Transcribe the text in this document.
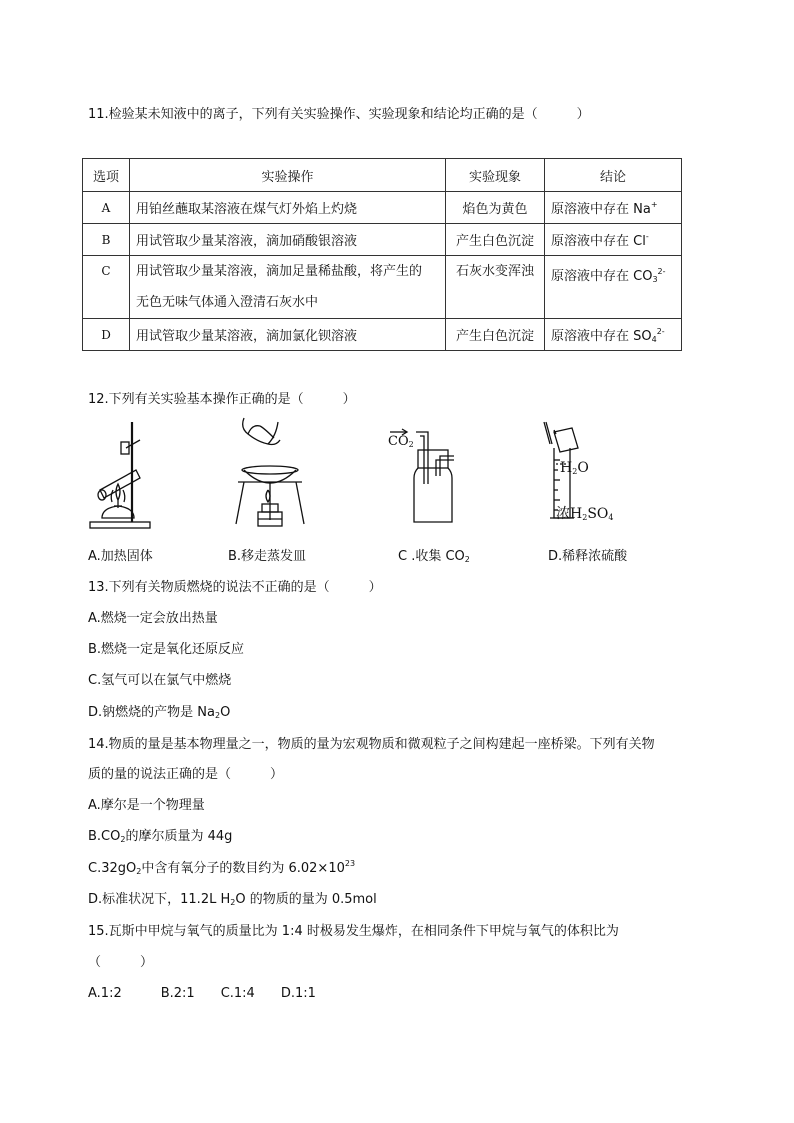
11.检验某未知液中的离子，下列有关实验操作、实验现象和结论均正确的是（　　　）
选项	实验操作	实验现象	结论
A	用铂丝蘸取某溶液在煤气灯外焰上灼烧	焰色为黄色	原溶液中存在 Na+
B	用试管取少量某溶液，滴加硝酸银溶液	产生白色沉淀	原溶液中存在 Cl-
C	用试管取少量某溶液，滴加足量稀盐酸，将产生的
无色无味气体通入澄清石灰水中	石灰水变浑浊	原溶液中存在 $CO_3^{2-}$
D	用试管取少量某溶液，滴加氯化钡溶液	产生白色沉淀	原溶液中存在 $SO_4^{2-}$
12.下列有关实验基本操作正确的是（　　　）
$CO_2$
$H_2O$
浓$H_2SO_4$
A.加热固体	B.移走蒸发皿	C .收集 $CO_2$	D.稀释浓硫酸
13.下列有关物质燃烧的说法不正确的是（　　　）
A.燃烧一定会放出热量
B.燃烧一定是氧化还原反应
C.氢气可以在氯气中燃烧
D.钠燃烧的产物是 $Na_2O$
14.物质的量是基本物理量之一，物质的量为宏观物质和微观粒子之间构建起一座桥梁。下列有关物
质的量的说法正确的是（　　　）
A.摩尔是一个物理量
$B.CO_2$的摩尔质量为 44g
$C.32gO_2$中含有氧分子的数目约为 $6.02\times 10^{23}$
D.标准状况下，11.2L $H_2O$ 的物质的量为 0.5mol
15.瓦斯中甲烷与氧气的质量比为 1:4 时极易发生爆炸，在相同条件下甲烷与氧气的体积比为
（　　　）
A.1:2　　　B.2:1　　C.1:4　　D.1:1
